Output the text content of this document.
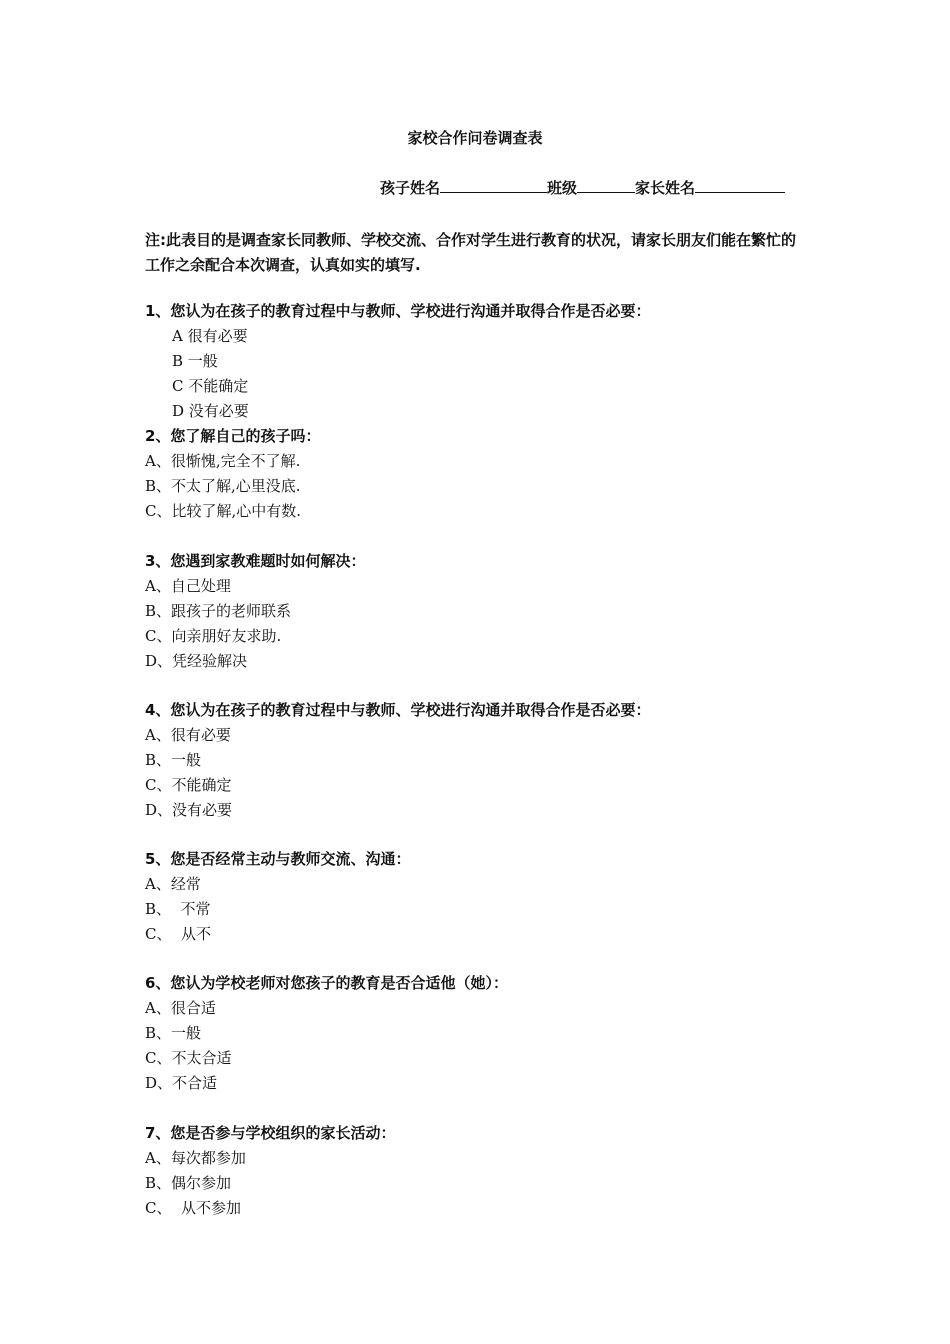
家校合作问卷调查表
孩子姓名	班级	家长姓名
注:此表目的是调查家长同教师、学校交流、合作对学生进行教育的状况，请家长朋友们能在繁忙的工作之余配合本次调查，认真如实的填写.
1、您认为在孩子的教育过程中与教师、学校进行沟通并取得合作是否必要：
A 很有必要
B 一般
C 不能确定
D 没有必要
2、您了解自己的孩子吗：
A、很惭愧,完全不了解.
B、不太了解,心里没底.
C、比较了解,心中有数.
3、您遇到家教难题时如何解决：
A、自己处理
B、跟孩子的老师联系
C、向亲朋好友求助.
D、凭经验解决
4、您认为在孩子的教育过程中与教师、学校进行沟通并取得合作是否必要：
A、很有必要
B、一般
C、不能确定
D、没有必要
5、您是否经常主动与教师交流、沟通：
A、经常
B、  不常
C、  从不
6、您认为学校老师对您孩子的教育是否合适他（她）：
A、很合适
B、一般
C、不太合适
D、不合适
7、您是否参与学校组织的家长活动：
A、每次都参加
B、偶尔参加
C、  从不参加
